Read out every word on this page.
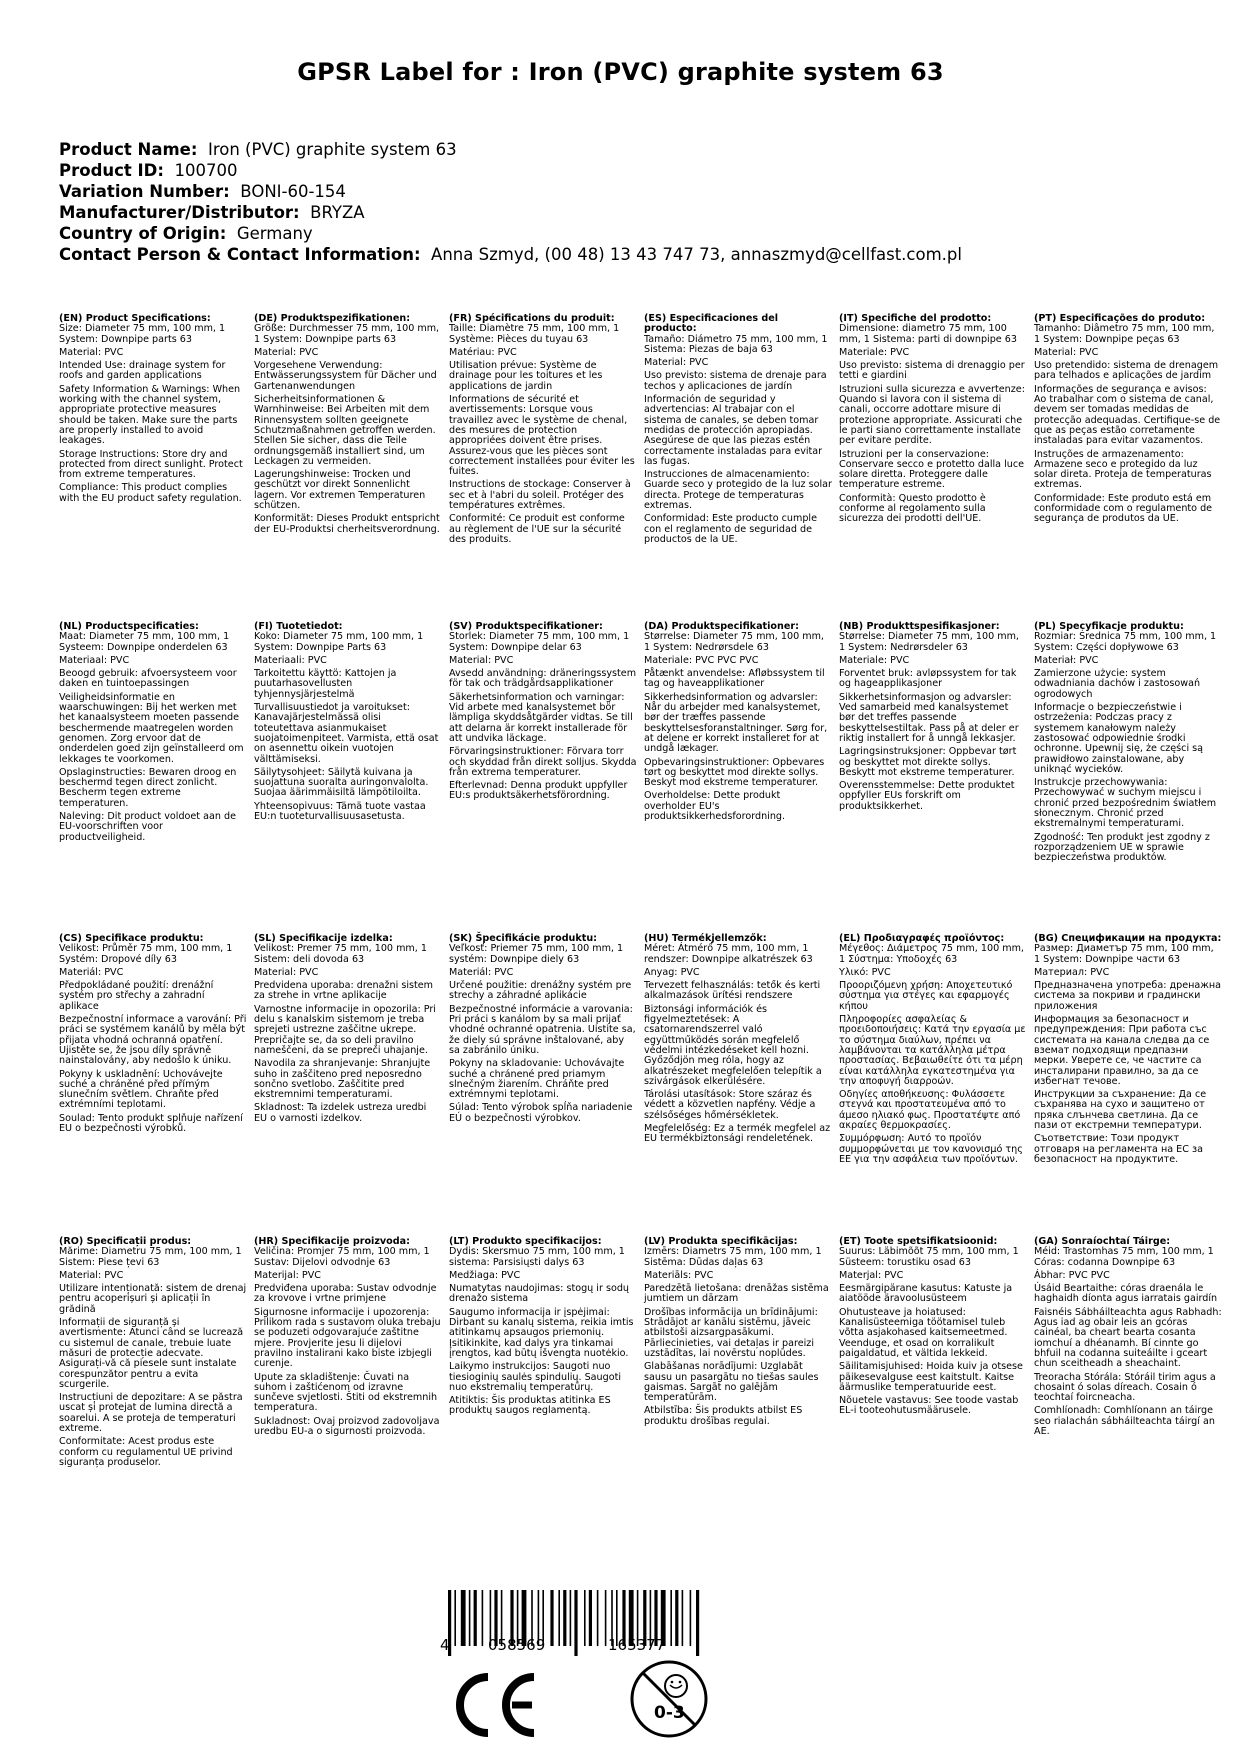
GPSR Label for : Iron (PVC) graphite system 63
Product Name: Iron (PVC) graphite system 63
Product ID: 100700
Variation Number: BONI-60-154
Manufacturer/Distributor: BRYZA
Country of Origin: Germany
Contact Person & Contact Information: Anna Szmyd, (00 48) 13 43 747 73, annaszmyd@cellfast.com.pl
(EN) Product Specifications:
Size: Diameter 75 mm, 100 mm, 1 System: Downpipe parts 63

Material: PVC

Intended Use: drainage system for roofs and garden applications

Safety Information & Warnings: When working with the channel system, appropriate protective measures should be taken. Make sure the parts are properly installed to avoid leakages.

Storage Instructions: Store dry and protected from direct sunlight. Protect from extreme temperatures.

Compliance: This product complies with the EU product safety regulation.

(DE) Produktspezifikationen:
Größe: Durchmesser 75 mm, 100 mm, 1 System: Downpipe parts 63

Material: PVC

Vorgesehene Verwendung: Entwässerungssystem für Dächer und Gartenanwendungen

Sicherheitsinformationen & Warnhinweise: Bei Arbeiten mit dem Rinnensystem sollten geeignete Schutzmaßnahmen getroffen werden. Stellen Sie sicher, dass die Teile ordnungsgemäß installiert sind, um Leckagen zu vermeiden.

Lagerungshinweise: Trocken und geschützt vor direkt Sonnenlicht lagern. Vor extremen Temperaturen schützen.

Konformität: Dieses Produkt entspricht der EU-Produktsi cherheitsverordnung.

(FR) Spécifications du produit:
Taille: Diamètre 75 mm, 100 mm, 1 Système: Pièces du tuyau 63

Matériau: PVC

Utilisation prévue: Système de drainage pour les toitures et les applications de jardin

Informations de sécurité et avertissements: Lorsque vous travaillez avec le système de chenal, des mesures de protection appropriées doivent être prises. Assurez-vous que les pièces sont correctement installées pour éviter les fuites.

Instructions de stockage: Conserver à sec et à l'abri du soleil. Protéger des températures extrêmes.

Conformité: Ce produit est conforme au règlement de l'UE sur la sécurité des produits.

(ES) Especificaciones del producto:
Tamaño: Diámetro 75 mm, 100 mm, 1 Sistema: Piezas de baja 63

Material: PVC

Uso previsto: sistema de drenaje para techos y aplicaciones de jardín

Información de seguridad y advertencias: Al trabajar con el sistema de canales, se deben tomar medidas de protección apropiadas. Asegúrese de que las piezas estén correctamente instaladas para evitar las fugas.

Instrucciones de almacenamiento: Guarde seco y protegido de la luz solar directa. Protege de temperaturas extremas.

Conformidad: Este producto cumple con el reglamento de seguridad de productos de la UE.

(IT) Specifiche del prodotto:
Dimensione: diametro 75 mm, 100 mm, 1 Sistema: parti di downpipe 63

Materiale: PVC

Uso previsto: sistema di drenaggio per tetti e giardini

Istruzioni sulla sicurezza e avvertenze: Quando si lavora con il sistema di canali, occorre adottare misure di protezione appropriate. Assicurati che le parti siano correttamente installate per evitare perdite.

Istruzioni per la conservazione: Conservare secco e protetto dalla luce solare diretta. Proteggere dalle temperature estreme.

Conformità: Questo prodotto è conforme al regolamento sulla sicurezza dei prodotti dell'UE.

(PT) Especificações do produto:
Tamanho: Diâmetro 75 mm, 100 mm, 1 System: Downpipe peças 63

Material: PVC

Uso pretendido: sistema de drenagem para telhados e aplicações de jardim

Informações de segurança e avisos: Ao trabalhar com o sistema de canal, devem ser tomadas medidas de protecção adequadas. Certifique-se de que as peças estão corretamente instaladas para evitar vazamentos.

Instruções de armazenamento: Armazene seco e protegido da luz solar direta. Proteja de temperaturas extremas.

Conformidade: Este produto está em conformidade com o regulamento de segurança de produtos da UE.

(NL) Productspecificaties:
Maat: Diameter 75 mm, 100 mm, 1 Systeem: Downpipe onderdelen 63

Materiaal: PVC

Beoogd gebruik: afvoersysteem voor daken en tuintoepassingen

Veiligheidsinformatie en waarschuwingen: Bij het werken met het kanaalsysteem moeten passende beschermende maatregelen worden genomen. Zorg ervoor dat de onderdelen goed zijn geïnstalleerd om lekkages te voorkomen.

Opslaginstructies: Bewaren droog en beschermd tegen direct zonlicht. Bescherm tegen extreme temperaturen.

Naleving: Dit product voldoet aan de EU-voorschriften voor productveiligheid.

(FI) Tuotetiedot:
Koko: Diameter 75 mm, 100 mm, 1 System: Downpipe Parts 63

Materiaali: PVC

Tarkoitettu käyttö: Kattojen ja puutarhasovellusten tyhjennysjärjestelmä

Turvallisuustiedot ja varoitukset: Kanavajärjestelmässä olisi toteutettava asianmukaiset suojatoimenpiteet. Varmista, että osat on asennettu oikein vuotojen välttämiseksi.

Säilytysohjeet: Säilytä kuivana ja suojattuna suoralta auringonvalolta. Suojaa äärimmäisiltä lämpötiloilta.

Yhteensopivuus: Tämä tuote vastaa EU:n tuoteturvallisuusasetusta.

(SV) Produktspecifikationer:
Storlek: Diameter 75 mm, 100 mm, 1 System: Downpipe delar 63

Material: PVC

Avsedd användning: dräneringssystem för tak och trädgårdsapplikationer

Säkerhetsinformation och varningar: Vid arbete med kanalsystemet bör lämpliga skyddsåtgärder vidtas. Se till att delarna är korrekt installerade för att undvika läckage.

Förvaringsinstruktioner: Förvara torr och skyddad från direkt solljus. Skydda från extrema temperaturer.

Efterlevnad: Denna produkt uppfyller EU:s produktsäkerhetsförordning.

(DA) Produktspecifikationer:
Størrelse: Diameter 75 mm, 100 mm, 1 System: Nedrørsdele 63

Materiale: PVC PVC PVC

Påtænkt anvendelse: Afløbssystem til tag og haveapplikationer

Sikkerhedsinformation og advarsler: Når du arbejder med kanalsystemet, bør der træffes passende beskyttelsesforanstaltninger. Sørg for, at delene er korrekt installeret for at undgå lækager.

Opbevaringsinstruktioner: Opbevares tørt og beskyttet mod direkte sollys. Beskyt mod ekstreme temperaturer.

Overholdelse: Dette produkt overholder EU's produktsikkerhedsforordning.

(NB) Produkttspesifikasjoner:
Størrelse: Diameter 75 mm, 100 mm, 1 System: Nedrørsdeler 63

Materiale: PVC

Forventet bruk: avløpssystem for tak og hageapplikasjoner

Sikkerhetsinformasjon og advarsler: Ved samarbeid med kanalsystemet bør det treffes passende beskyttelsestiltak. Pass på at deler er riktig installert for å unngå lekkasjer.

Lagringsinstruksjoner: Oppbevar tørt og beskyttet mot direkte sollys. Beskytt mot ekstreme temperaturer.

Overensstemmelse: Dette produktet oppfyller EUs forskrift om produktsikkerhet.

(PL) Specyfikacje produktu:
Rozmiar: Średnica 75 mm, 100 mm, 1 System: Części dopływowe 63

Materiał: PVC

Zamierzone użycie: system odwadniania dachów i zastosowań ogrodowych

Informacje o bezpieczeństwie i ostrzeżenia: Podczas pracy z systemem kanałowym należy zastosować odpowiednie środki ochronne. Upewnij się, że części są prawidłowo zainstalowane, aby uniknąć wycieków.

Instrukcje przechowywania: Przechowywać w suchym miejscu i chronić przed bezpośrednim światłem słonecznym. Chronić przed ekstremalnymi temperaturami.

Zgodność: Ten produkt jest zgodny z rozporządzeniem UE w sprawie bezpieczeństwa produktów.

(CS) Specifikace produktu:
Velikost: Průměr 75 mm, 100 mm, 1 Systém: Dropové díly 63

Materiál: PVC

Předpokládané použití: drenážní systém pro střechy a zahradní aplikace

Bezpečnostní informace a varování: Při práci se systémem kanálů by měla být přijata vhodná ochranná opatření. Ujistěte se, že jsou díly správně nainstalovány, aby nedošlo k úniku.

Pokyny k uskladnění: Uchovávejte suché a chráněné před přímým slunečním světlem. Chraňte před extrémními teplotami.

Soulad: Tento produkt splňuje nařízení EU o bezpečnosti výrobků.

(SL) Specifikacije izdelka:
Velikost: Premer 75 mm, 100 mm, 1 Sistem: deli dovoda 63

Material: PVC

Predvidena uporaba: drenažni sistem za strehe in vrtne aplikacije

Varnostne informacije in opozorila: Pri delu s kanalskim sistemom je treba sprejeti ustrezne zaščitne ukrepe. Prepričajte se, da so deli pravilno nameščeni, da se prepreči uhajanje.

Navodila za shranjevanje: Shranjujte suho in zaščiteno pred neposredno sončno svetlobo. Zaščitite pred ekstremnimi temperaturami.

Skladnost: Ta izdelek ustreza uredbi EU o varnosti izdelkov.

(SK) Špecifikácie produktu:
Veľkosť: Priemer 75 mm, 100 mm, 1 systém: Downpipe diely 63

Materiál: PVC

Určené použitie: drenážny systém pre strechy a záhradné aplikácie

Bezpečnostné informácie a varovania: Pri práci s kanálom by sa mali prijať vhodné ochranné opatrenia. Uistite sa, že diely sú správne inštalované, aby sa zabránilo úniku.

Pokyny na skladovanie: Uchovávajte suché a chránené pred priamym slnečným žiarením. Chráňte pred extrémnymi teplotami.

Súlad: Tento výrobok spĺňa nariadenie EÚ o bezpečnosti výrobkov.

(HU) Termékjellemzők:
Méret: Átmérő 75 mm, 100 mm, 1 rendszer: Downpipe alkatrészek 63

Anyag: PVC

Tervezett felhasználás: tetők és kerti alkalmazások ürítési rendszere

Biztonsági információk és figyelmeztetések: A csatornarendszerrel való együttműködés során megfelelő védelmi intézkedéseket kell hozni. Győződjön meg róla, hogy az alkatrészeket megfelelően telepítik a szivárgások elkerülésére.

Tárolási utasítások: Store száraz és védett a közvetlen napfény. Védje a szélsőséges hőmérsékletek.

Megfelelőség: Ez a termék megfelel az EU termékbiztonsági rendeletének.

(EL) Προδιαγραφές προϊόντος:
Μέγεθος: Διάμετρος 75 mm, 100 mm, 1 Σύστημα: Υποδοχές 63

Υλικό: PVC

Προοριζόμενη χρήση: Αποχετευτικό σύστημα για στέγες και εφαρμογές κήπου

Πληροφορίες ασφαλείας & προειδοποιήσεις: Κατά την εργασία με το σύστημα διαύλων, πρέπει να λαμβάνονται τα κατάλληλα μέτρα προστασίας. Βεβαιωθείτε ότι τα μέρη είναι κατάλληλα εγκατεστημένα για την αποφυγή διαρροών.

Οδηγίες αποθήκευσης: Φυλάσσετε στεγνά και προστατευμένα από το άμεσο ηλιακό φως. Προστατέψτε από ακραίες θερμοκρασίες.

Συμμόρφωση: Αυτό το προϊόν συμμορφώνεται με τον κανονισμό της ΕΕ για την ασφάλεια των προϊόντων.

(BG) Спецификации на продукта:
Размер: Диаметър 75 mm, 100 mm, 1 System: Downpipe части 63

Материал: PVC

Предназначена употреба: дренажна система за покриви и градински приложения

Информация за безопасност и предупреждения: При работа със системата на канала следва да се вземат подходящи предпазни мерки. Уверете се, че частите са инсталирани правилно, за да се избегнат течове.

Инструкции за съхранение: Да се съхранява на сухо и защитено от пряка слънчева светлина. Да се пази от екстремни температури.

Съответствие: Този продукт отговаря на регламента на ЕС за безопасност на продуктите.

(RO) Specificații produs:
Mărime: Diametru 75 mm, 100 mm, 1 Sistem: Piese țevi 63

Material: PVC

Utilizare intenționată: sistem de drenaj pentru acoperișuri și aplicații în grădină

Informații de siguranță și avertismente: Atunci când se lucrează cu sistemul de canale, trebuie luate măsuri de protecție adecvate. Asigurați-vă că piesele sunt instalate corespunzător pentru a evita scurgerile.

Instrucțiuni de depozitare: A se păstra uscat și protejat de lumina directă a soarelui. A se proteja de temperaturi extreme.

Conformitate: Acest produs este conform cu regulamentul UE privind siguranța produselor.

(HR) Specifikacije proizvoda:
Veličina: Promjer 75 mm, 100 mm, 1 Sustav: Dijelovi odvodnje 63

Materijal: PVC

Predviđena uporaba: Sustav odvodnje za krovove i vrtne primjene

Sigurnosne informacije i upozorenja: Prilikom rada s sustavom oluka trebaju se poduzeti odgovarajuće zaštitne mjere. Provjerite jesu li dijelovi pravilno instalirani kako biste izbjegli curenje.

Upute za skladištenje: Čuvati na suhom i zaštićenom od izravne sunčeve svjetlosti. Štiti od ekstremnih temperatura.

Sukladnost: Ovaj proizvod zadovoljava uredbu EU-a o sigurnosti proizvoda.

(LT) Produkto specifikacijos:
Dydis: Skersmuo 75 mm, 100 mm, 1 sistema: Parsisiųsti dalys 63

Medžiaga: PVC

Numatytas naudojimas: stogų ir sodų drenažo sistema

Saugumo informacija ir įspėjimai: Dirbant su kanalų sistema, reikia imtis atitinkamų apsaugos priemonių. Įsitikinkite, kad dalys yra tinkamai įrengtos, kad būtų išvengta nuotėkio.

Laikymo instrukcijos: Saugoti nuo tiesioginių saulės spindulių. Saugoti nuo ekstremalių temperatūrų.

Atitiktis: Šis produktas atitinka ES produktų saugos reglamentą.

(LV) Produkta specifikācijas:
Izmērs: Diametrs 75 mm, 100 mm, 1 Sistēma: Dūdas daļas 63

Materiāls: PVC

Paredzētā lietošana: drenāžas sistēma jumtiem un dārzam

Drošības informācija un brīdinājumi: Strādājot ar kanālu sistēmu, jāveic atbilstoši aizsargpasākumi. Pārliecinieties, vai detaļas ir pareizi uzstādītas, lai novērstu noplūdes.

Glabāšanas norādījumi: Uzglabāt sausu un pasargātu no tiešas saules gaismas. Sargāt no galējām temperatūrām.

Atbilstība: Šis produkts atbilst ES produktu drošības regulai.

(ET) Toote spetsifikatsioonid:
Suurus: Läbimõõt 75 mm, 100 mm, 1 Süsteem: torustiku osad 63

Materjal: PVC

Eesmärgipärane kasutus: Katuste ja aiatööde äravoolusüsteem

Ohutusteave ja hoiatused: Kanalisüsteemiga töötamisel tuleb võtta asjakohased kaitsemeetmed. Veenduge, et osad on korralikult paigaldatud, et vältida lekkeid.

Säilitamisjuhised: Hoida kuiv ja otsese päikesevalguse eest kaitstult. Kaitse äärmuslike temperatuuride eest.

Nõuetele vastavus: See toode vastab EL-i tooteohutusmäärusele.

(GA) Sonraíochtaí Táirge:
Méid: Trastomhas 75 mm, 100 mm, 1 Córas: codanna Downpipe 63

Ábhar: PVC PVC

Úsáid Beartaithe: córas draenála le haghaidh díonta agus iarratais gairdín

Faisnéis Sábháilteachta agus Rabhadh: Agus iad ag obair leis an gcóras cainéal, ba cheart bearta cosanta iomchuí a dhéanamh. Bí cinnte go bhfuil na codanna suiteáilte i gceart chun sceitheadh a sheachaint.

Treoracha Stórála: Stóráil tirim agus a chosaint ó solas díreach. Cosain ó teochtaí foircneacha.

Comhlíonadh: Comhlíonann an táirge seo rialachán sábháilteachta táirgí an AE.

4	058569	165377
0-3
